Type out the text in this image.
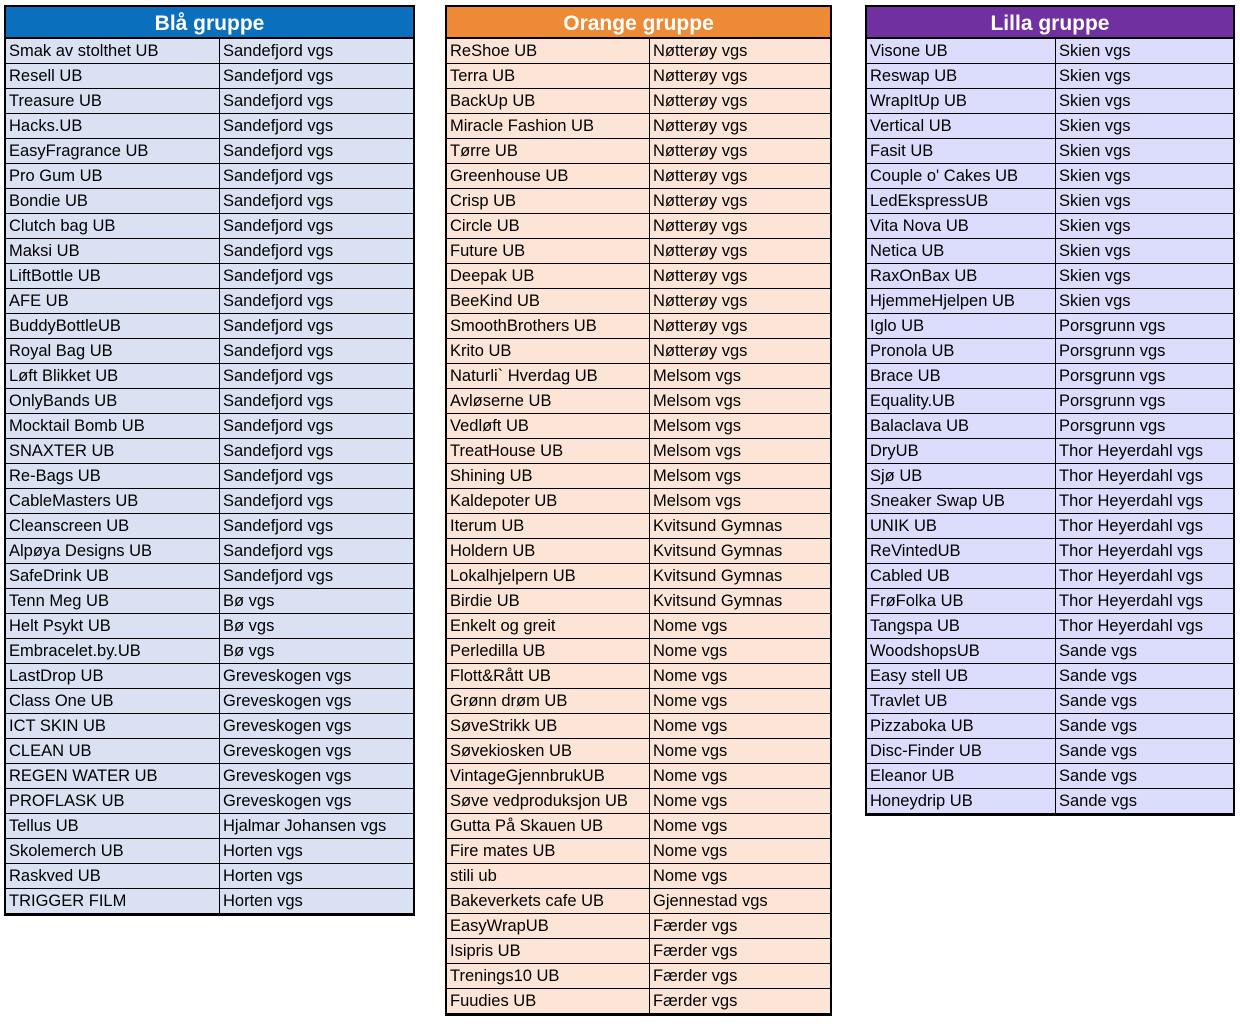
Blå gruppe
Smak av stolthet UB	Sandefjord vgs
Resell UB	Sandefjord vgs
Treasure UB	Sandefjord vgs
Hacks.UB	Sandefjord vgs
EasyFragrance UB	Sandefjord vgs
Pro Gum UB	Sandefjord vgs
Bondie UB	Sandefjord vgs
Clutch bag UB	Sandefjord vgs
Maksi UB	Sandefjord vgs
LiftBottle UB	Sandefjord vgs
AFE UB	Sandefjord vgs
BuddyBottleUB	Sandefjord vgs
Royal Bag UB	Sandefjord vgs
Løft Blikket UB	Sandefjord vgs
OnlyBands UB	Sandefjord vgs
Mocktail Bomb UB	Sandefjord vgs
SNAXTER UB	Sandefjord vgs
Re-Bags UB	Sandefjord vgs
CableMasters UB	Sandefjord vgs
Cleanscreen UB	Sandefjord vgs
Alpøya Designs UB	Sandefjord vgs
SafeDrink UB	Sandefjord vgs
Tenn Meg UB	Bø vgs
Helt Psykt UB	Bø vgs
Embracelet.by.UB	Bø vgs
LastDrop UB	Greveskogen vgs
Class One UB	Greveskogen vgs
ICT SKIN UB	Greveskogen vgs
CLEAN UB	Greveskogen vgs
REGEN WATER UB	Greveskogen vgs
PROFLASK UB	Greveskogen vgs
Tellus UB	Hjalmar Johansen vgs
Skolemerch UB	Horten vgs
Raskved UB	Horten vgs
TRIGGER FILM	Horten vgs
Orange gruppe
ReShoe UB	Nøtterøy vgs
Terra UB	Nøtterøy vgs
BackUp UB	Nøtterøy vgs
Miracle Fashion UB	Nøtterøy vgs
Tørre UB	Nøtterøy vgs
Greenhouse UB	Nøtterøy vgs
Crisp UB	Nøtterøy vgs
Circle UB	Nøtterøy vgs
Future UB	Nøtterøy vgs
Deepak UB	Nøtterøy vgs
BeeKind UB	Nøtterøy vgs
SmoothBrothers UB	Nøtterøy vgs
Krito UB	Nøtterøy vgs
Naturli` Hverdag UB	Melsom vgs
Avløserne UB	Melsom vgs
Vedløft UB	Melsom vgs
TreatHouse UB	Melsom vgs
Shining UB	Melsom vgs
Kaldepoter UB	Melsom vgs
Iterum UB	Kvitsund Gymnas
Holdern UB	Kvitsund Gymnas
Lokalhjelpern UB	Kvitsund Gymnas
Birdie UB	Kvitsund Gymnas
Enkelt og greit	Nome vgs
Perledilla UB	Nome vgs
Flott&Rått UB	Nome vgs
Grønn drøm UB	Nome vgs
SøveStrikk UB	Nome vgs
Søvekiosken UB	Nome vgs
VintageGjennbrukUB	Nome vgs
Søve vedproduksjon UB	Nome vgs
Gutta På Skauen UB	Nome vgs
Fire mates UB	Nome vgs
stili ub	Nome vgs
Bakeverkets cafe UB	Gjennestad vgs
EasyWrapUB	Færder vgs
Isipris UB	Færder vgs
Trenings10 UB	Færder vgs
Fuudies UB	Færder vgs
Lilla gruppe
Visone UB	Skien vgs
Reswap UB	Skien vgs
WrapItUp UB	Skien vgs
Vertical UB	Skien vgs
Fasit UB	Skien vgs
Couple o' Cakes UB	Skien vgs
LedEkspressUB	Skien vgs
Vita Nova UB	Skien vgs
Netica UB	Skien vgs
RaxOnBax UB	Skien vgs
HjemmeHjelpen UB	Skien vgs
Iglo UB	Porsgrunn vgs
Pronola UB	Porsgrunn vgs
Brace UB	Porsgrunn vgs
Equality.UB	Porsgrunn vgs
Balaclava UB	Porsgrunn vgs
DryUB	Thor Heyerdahl vgs
Sjø UB	Thor Heyerdahl vgs
Sneaker Swap UB	Thor Heyerdahl vgs
UNIK UB	Thor Heyerdahl vgs
ReVintedUB	Thor Heyerdahl vgs
Cabled UB	Thor Heyerdahl vgs
FrøFolka UB	Thor Heyerdahl vgs
Tangspa UB	Thor Heyerdahl vgs
WoodshopsUB	Sande vgs
Easy stell UB	Sande vgs
Travlet UB	Sande vgs
Pizzaboka UB	Sande vgs
Disc-Finder UB	Sande vgs
Eleanor UB	Sande vgs
Honeydrip UB	Sande vgs
